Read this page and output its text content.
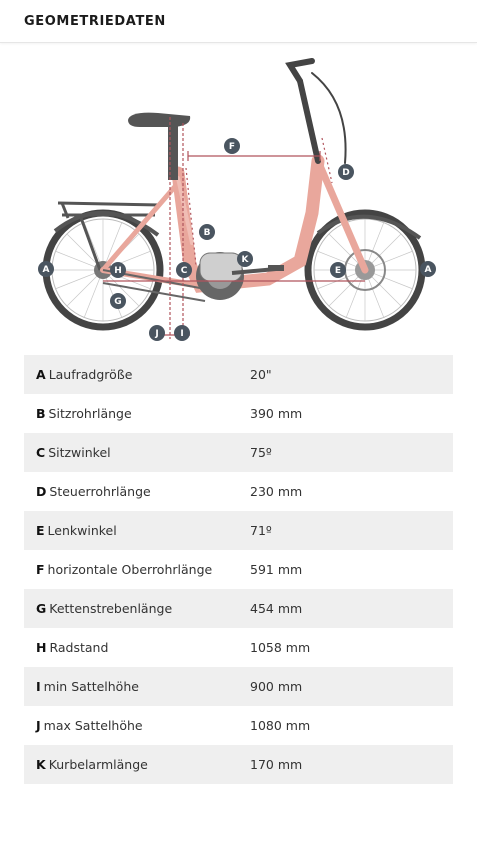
GEOMETRIEDATEN
A	A
B
C
D
E
F
G
H
I
J
K
A Laufradgröße	20"
B Sitzrohrlänge	390 mm
C Sitzwinkel	75º
D Steuerrohrlänge	230 mm
E Lenkwinkel	71º
F horizontale Oberrohrlänge	591 mm
G Kettenstrebenlänge	454 mm
H Radstand	1058 mm
I min Sattelhöhe	900 mm
J max Sattelhöhe	1080 mm
K Kurbelarmlänge	170 mm
